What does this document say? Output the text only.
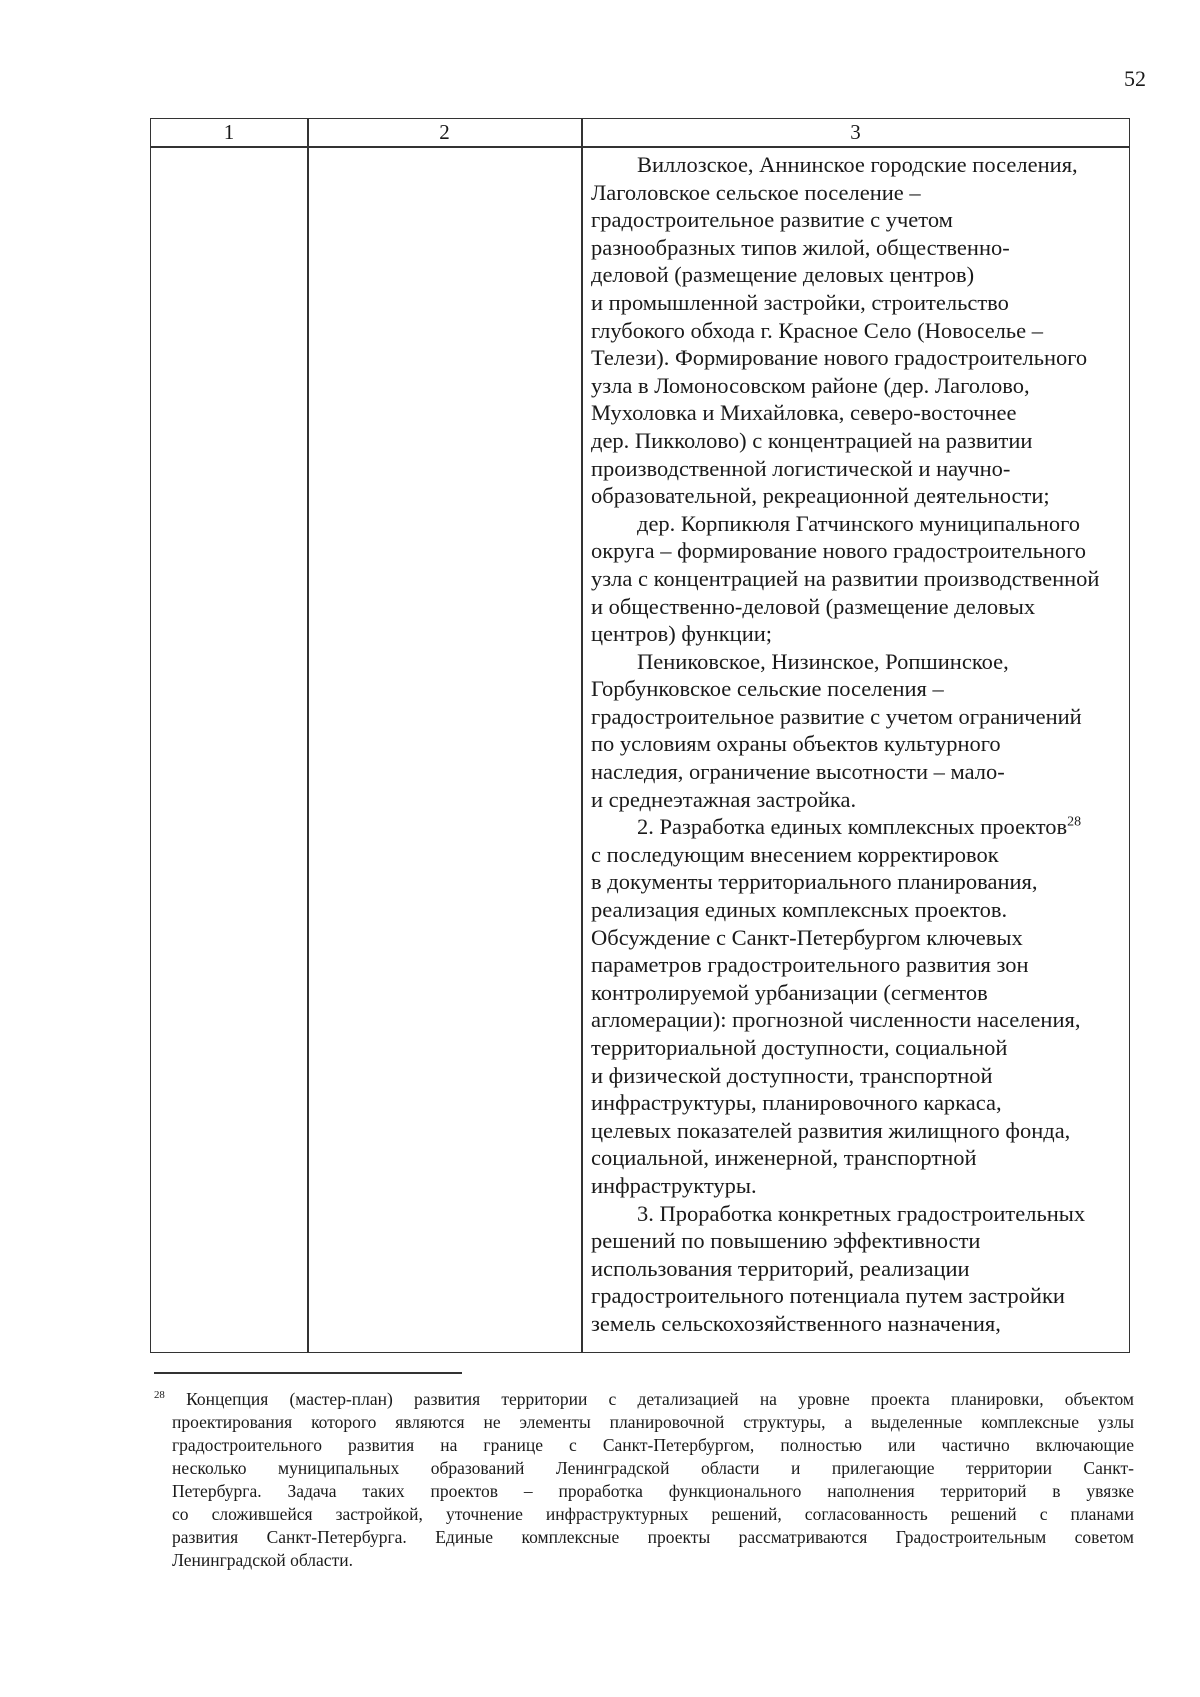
52
1	2	3
Виллозское, Аннинское городские поселения,
Лаголовское сельское поселение –
градостроительное развитие с учетом
разнообразных типов жилой, общественно-
деловой (размещение деловых центров)
и промышленной застройки, строительство
глубокого обхода г. Красное Село (Новоселье –
Телези). Формирование нового градостроительного
узла в Ломоносовском районе (дер. Лаголово,
Мухоловка и Михайловка, северо-восточнее
дер. Пикколово) с концентрацией на развитии
производственной логистической и научно-
образовательной, рекреационной деятельности;
дер. Корпикюля Гатчинского муниципального
округа – формирование нового градостроительного
узла с концентрацией на развитии производственной
и общественно-деловой (размещение деловых
центров) функции;
Пениковское, Низинское, Ропшинское,
Горбунковское сельские поселения –
градостроительное развитие с учетом ограничений
по условиям охраны объектов культурного
наследия, ограничение высотности – мало-
и среднеэтажная застройка.
2. Разработка единых комплексных проектов$^{28}$
с последующим внесением корректировок
в документы территориального планирования,
реализация единых комплексных проектов.
Обсуждение с Санкт-Петербургом ключевых
параметров градостроительного развития зон
контролируемой урбанизации (сегментов
агломерации): прогнозной численности населения,
территориальной доступности, социальной
и физической доступности, транспортной
инфраструктуры, планировочного каркаса,
целевых показателей развития жилищного фонда,
социальной, инженерной, транспортной
инфраструктуры.
3. Проработка конкретных градостроительных
решений по повышению эффективности
использования территорий, реализации
градостроительного потенциала путем застройки
земель сельскохозяйственного назначения,
$^{28}$ Концепция (мастер-план) развития территории с детализацией на уровне проекта планировки, объектом
проектирования которого являются не элементы планировочной структуры, а выделенные комплексные узлы
градостроительного развития на границе с Санкт-Петербургом, полностью или частично включающие
несколько муниципальных образований Ленинградской области и прилегающие территории Санкт-
Петербурга. Задача таких проектов – проработка функционального наполнения территорий в увязке
со сложившейся застройкой, уточнение инфраструктурных решений, согласованность решений с планами
развития Санкт-Петербурга. Единые комплексные проекты рассматриваются Градостроительным советом
Ленинградской области.
